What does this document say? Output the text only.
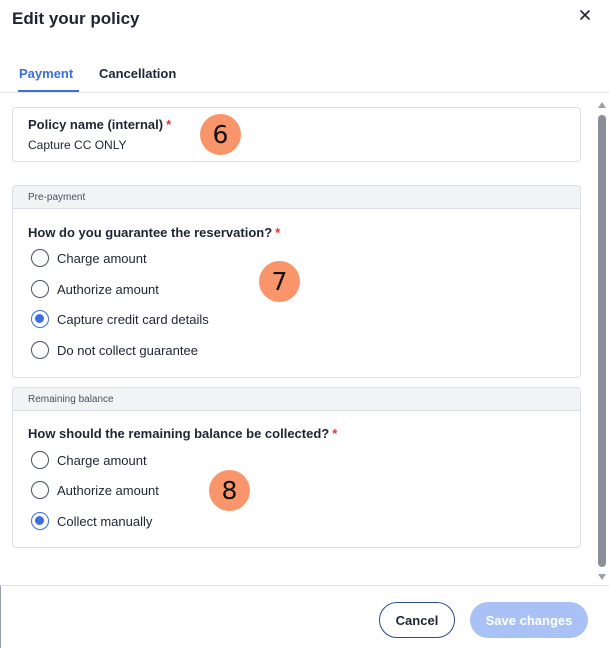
Edit your policy
Payment Cancellation
Policy name (internal) *
Capture CC ONLY	6
Pre-payment
How do you guarantee the reservation? *
Charge amount
Authorize amount
Capture credit card details
Do not collect guarantee
7
Remaining balance
How should the remaining balance be collected? *
Charge amount
Authorize amount
Collect manually
8
Cancel	Save changes
